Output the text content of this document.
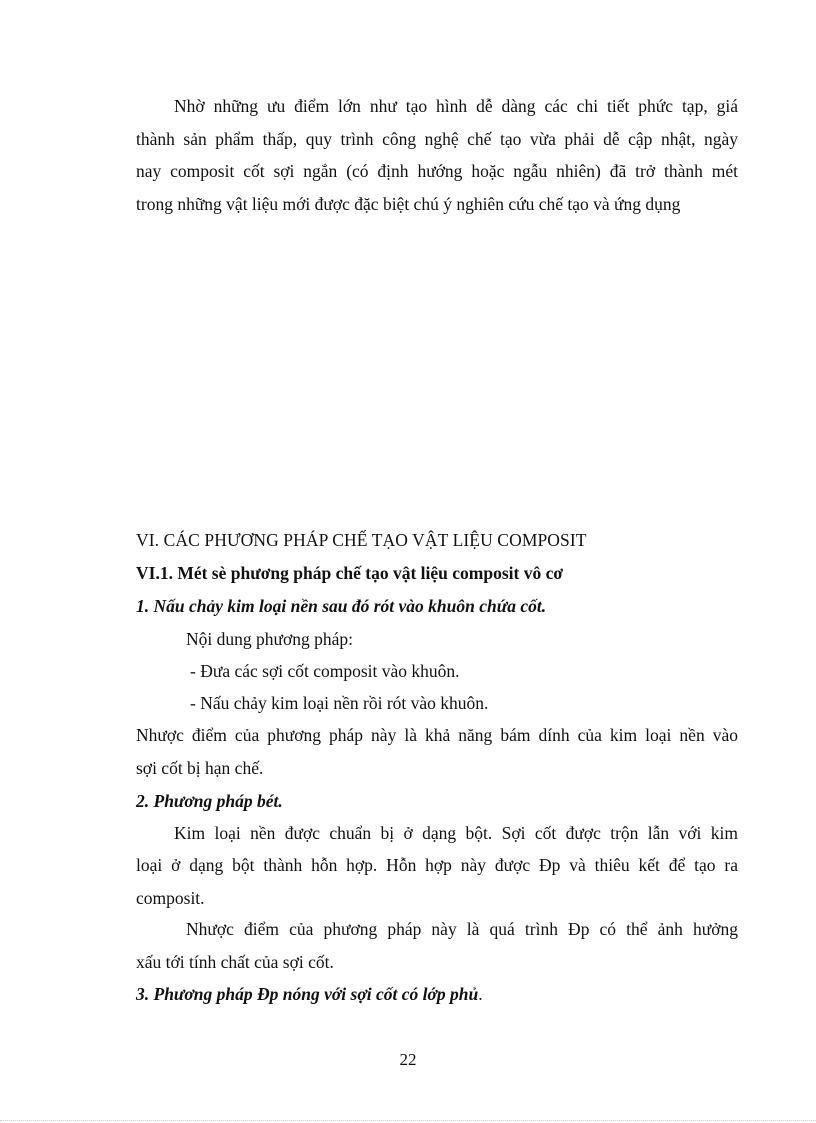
Nhờ những ưu điểm lớn như tạo hình dễ dàng các chi tiết phức tạp, giá
thành sản phẩm thấp, quy trình công nghệ chế tạo vừa phải dễ cập nhật, ngày
nay composit cốt sợi ngắn (có định hướng hoặc ngẫu nhiên) đã trở thành mét
trong những vật liệu mới được đặc biệt chú ý nghiên cứu chế tạo và ứng dụng
VI. CÁC PHƯƠNG PHÁP CHẾ TẠO VẬT LIỆU COMPOSIT
VI.1. Mét sè phương pháp chế tạo vật liệu composit vô cơ
1. Nấu chảy kim loại nền sau đó rót vào khuôn chứa cốt.
Nội dung phương pháp:
- Đưa các sợi cốt composit vào khuôn.
- Nấu chảy kim loại nền rồi rót vào khuôn.
Nhược điểm của phương pháp này là khả năng bám dính của kim loại nền vào
sợi cốt bị hạn chế.
2. Phương pháp bét.
Kim loại nền được chuẩn bị ở dạng bột. Sợi cốt được trộn lẫn với kim
loại ở dạng bột thành hỗn hợp. Hỗn hợp này được Ðp và thiêu kết để tạo ra
composit.
Nhược điểm của phương pháp này là quá trình Ðp có thể ảnh hưởng
xấu tới tính chất của sợi cốt.
3. Phương pháp Ðp nóng với sợi cốt có lớp phủ.
22
